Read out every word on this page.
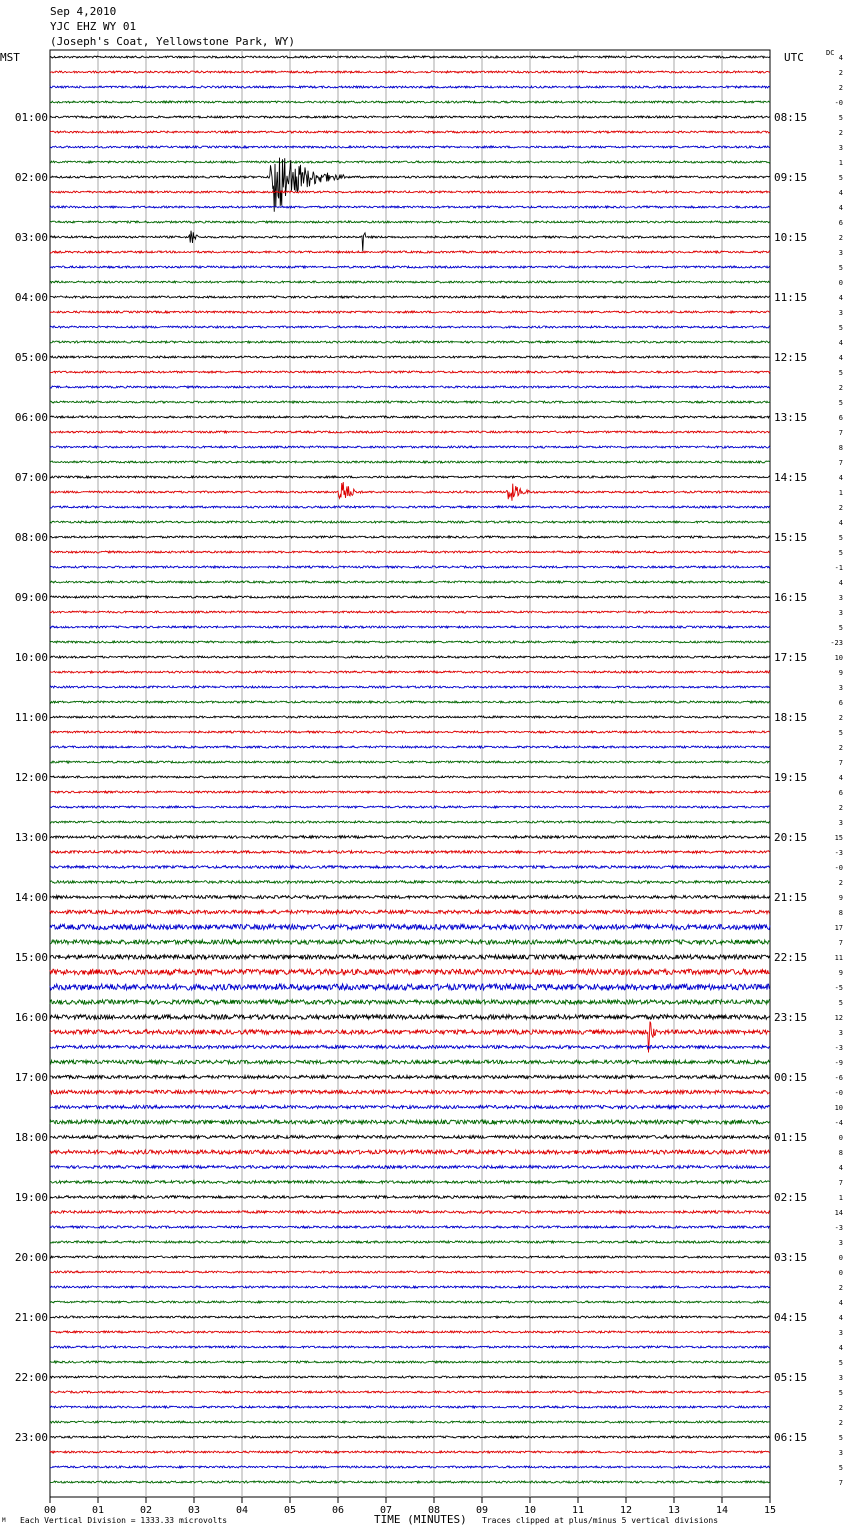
Sep 4,2010
YJC EHZ WY 01
(Joseph's Coat, Yellowstone Park, WY)
MST	UTC	DC
00	01	02	03	04	05	06	07	08	09	10	11	12	13	14	15
4
2
2
-0
5
2
3
1
5
4
4
6
2
3
5
0
4
3
5
4
4
5
2
5
6
7
8
7
4
1
2
4
5
5
-1
4
3
3
5
-23
10
9
3
6
2
5
2
7
4
6
2
3
15
-3
-0
2
9
8
17
7
11
9
-5
5
12
3
-3
-9
-6
-0
10
-4
0
8
4
7
1
14
-3
3
0
0
2
4
4
3
4
5
3
5
2
2
5
3
5
7
01:00
02:00
03:00
04:00
05:00
06:00
07:00
08:00
09:00
10:00
11:00
12:00
13:00
14:00
15:00
16:00
17:00
18:00
19:00
20:00
21:00
22:00
23:00
08:15
09:15
10:15
11:15
12:15
13:15
14:15
15:15
16:15
17:15
18:15
19:15
20:15
21:15
22:15
23:15
00:15
01:15
02:15
03:15
04:15
05:15
06:15
M Each Vertical Division = 1333.33 microvolts	TIME (MINUTES) Traces clipped at plus/minus 5 vertical divisions
